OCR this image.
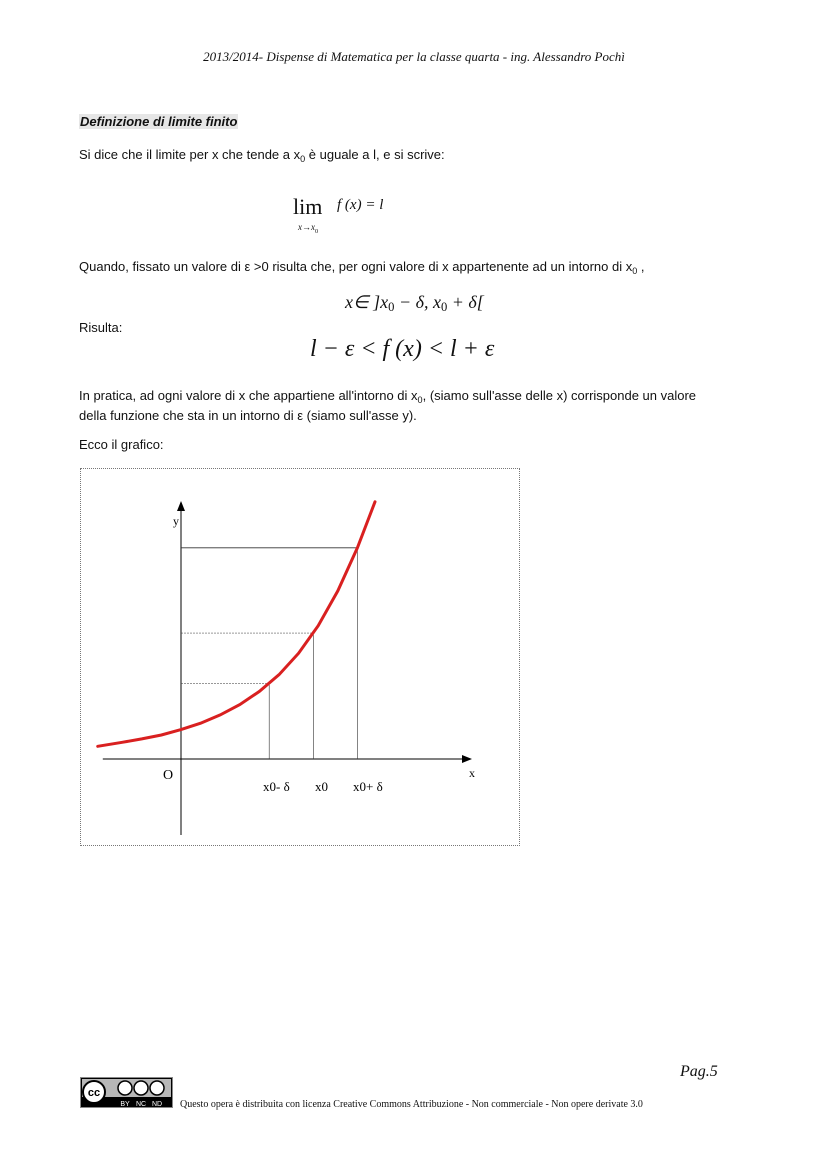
2013/2014- Dispense di Matematica per la classe quarta - ing. Alessandro Pochì
Definizione di limite finito
Si dice che il limite per x che tende a $x_0$ è uguale a l, e si scrive:
lim
$x\to x_0$
f (x) = l
Quando, fissato un valore di ε >0 risulta che, per ogni valore di x appartenente ad un intorno di $x_0$ ,
x∈ ]$x_0 - \delta$, $x_0 + \delta$[
Risulta:
l − ε < f (x) < l + ε
In pratica, ad ogni valore di x che appartiene all'intorno di $x_0$, (siamo sull'asse delle x) corrisponde un valore
della funzione che sta in un intorno di ε (siamo sull'asse y).
Ecco il grafico:
x
y
O
x0- δ x0 x0+ δ
Pag.5
cc
BY NC ND Questo opera è distribuita con licenza Creative Commons Attribuzione - Non commerciale - Non opere derivate 3.0
